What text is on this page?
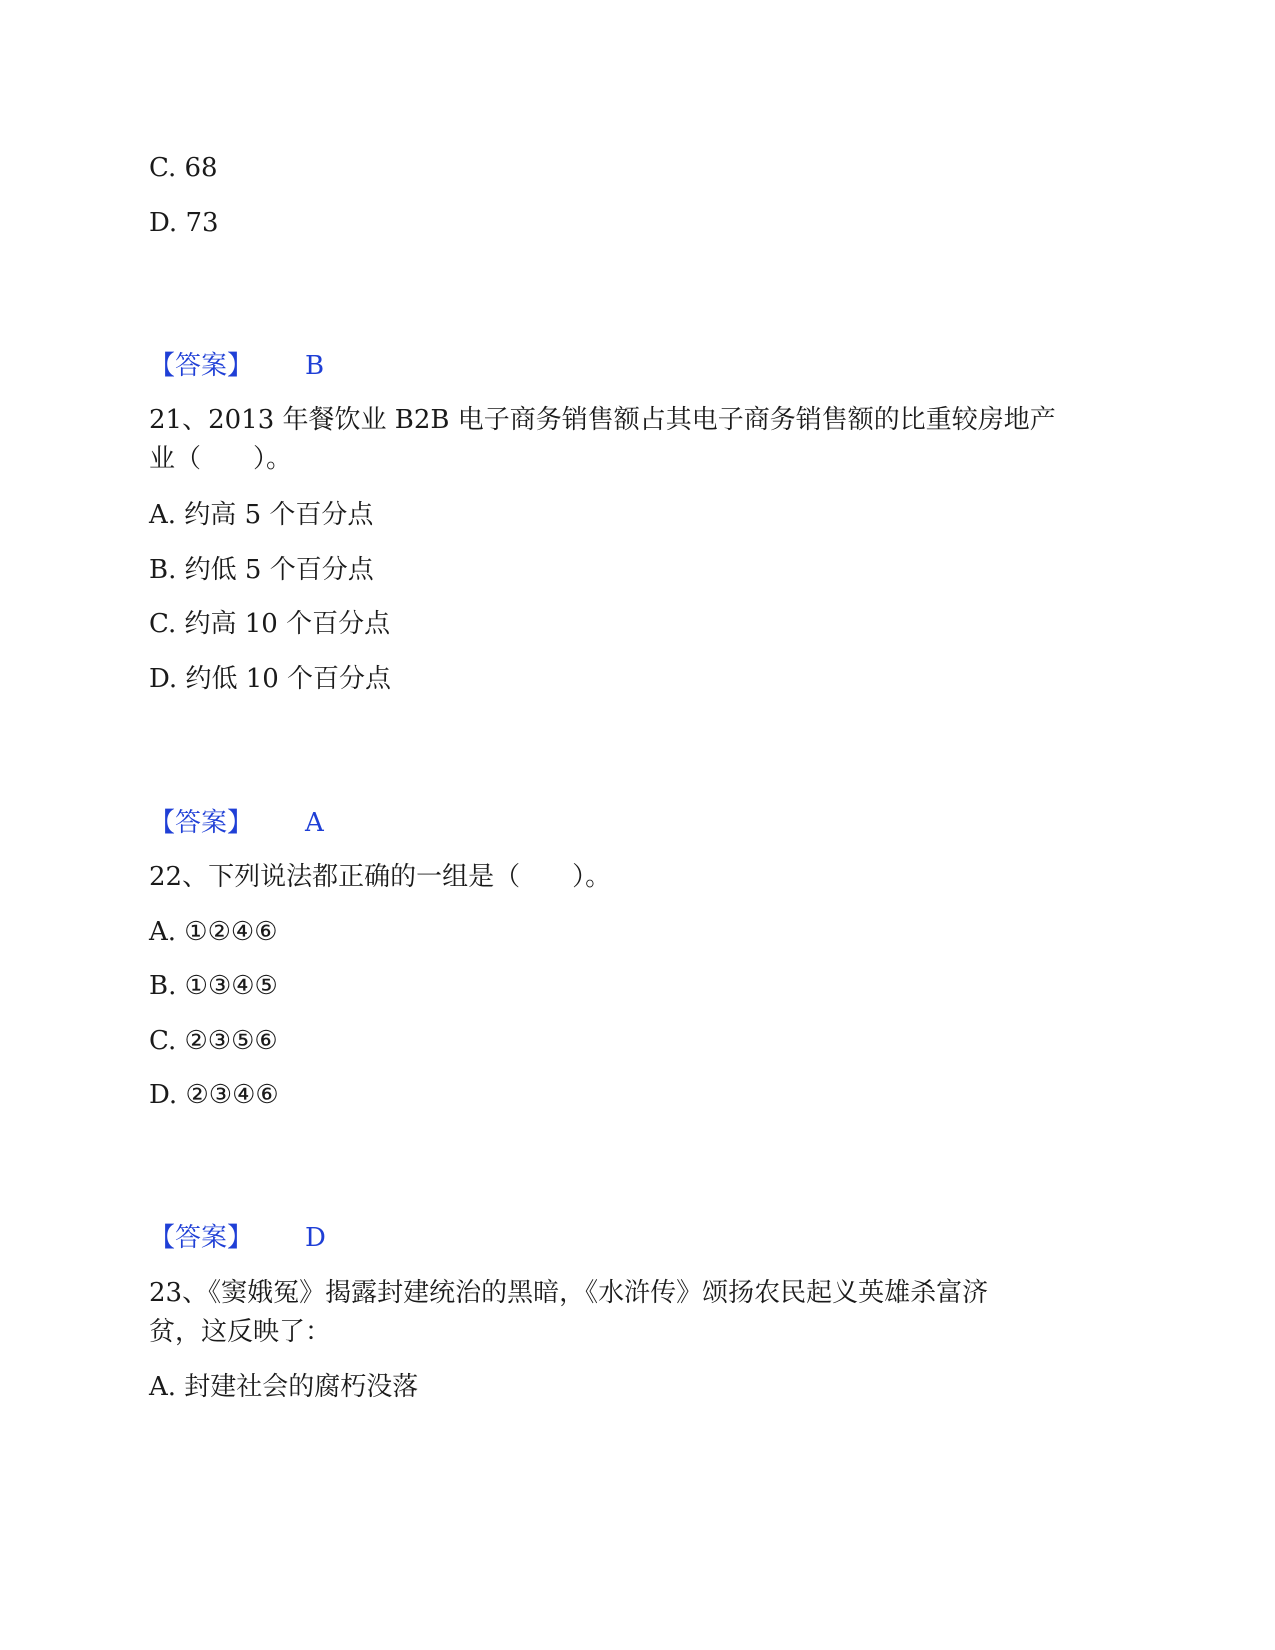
C. 68
D. 73
【答案】 B
21、2013 年餐饮业 B2B 电子商务销售额占其电子商务销售额的比重较房地产
业（　　）。
A. 约高 5 个百分点
B. 约低 5 个百分点
C. 约高 10 个百分点
D. 约低 10 个百分点
【答案】 A
22、下列说法都正确的一组是（　　）。
A. ①②④⑥
B. ①③④⑤
C. ②③⑤⑥
D. ②③④⑥
【答案】 D
23、《窦娥冤》揭露封建统治的黑暗，《水浒传》颂扬农民起义英雄杀富济
贫，这反映了：
A. 封建社会的腐朽没落
